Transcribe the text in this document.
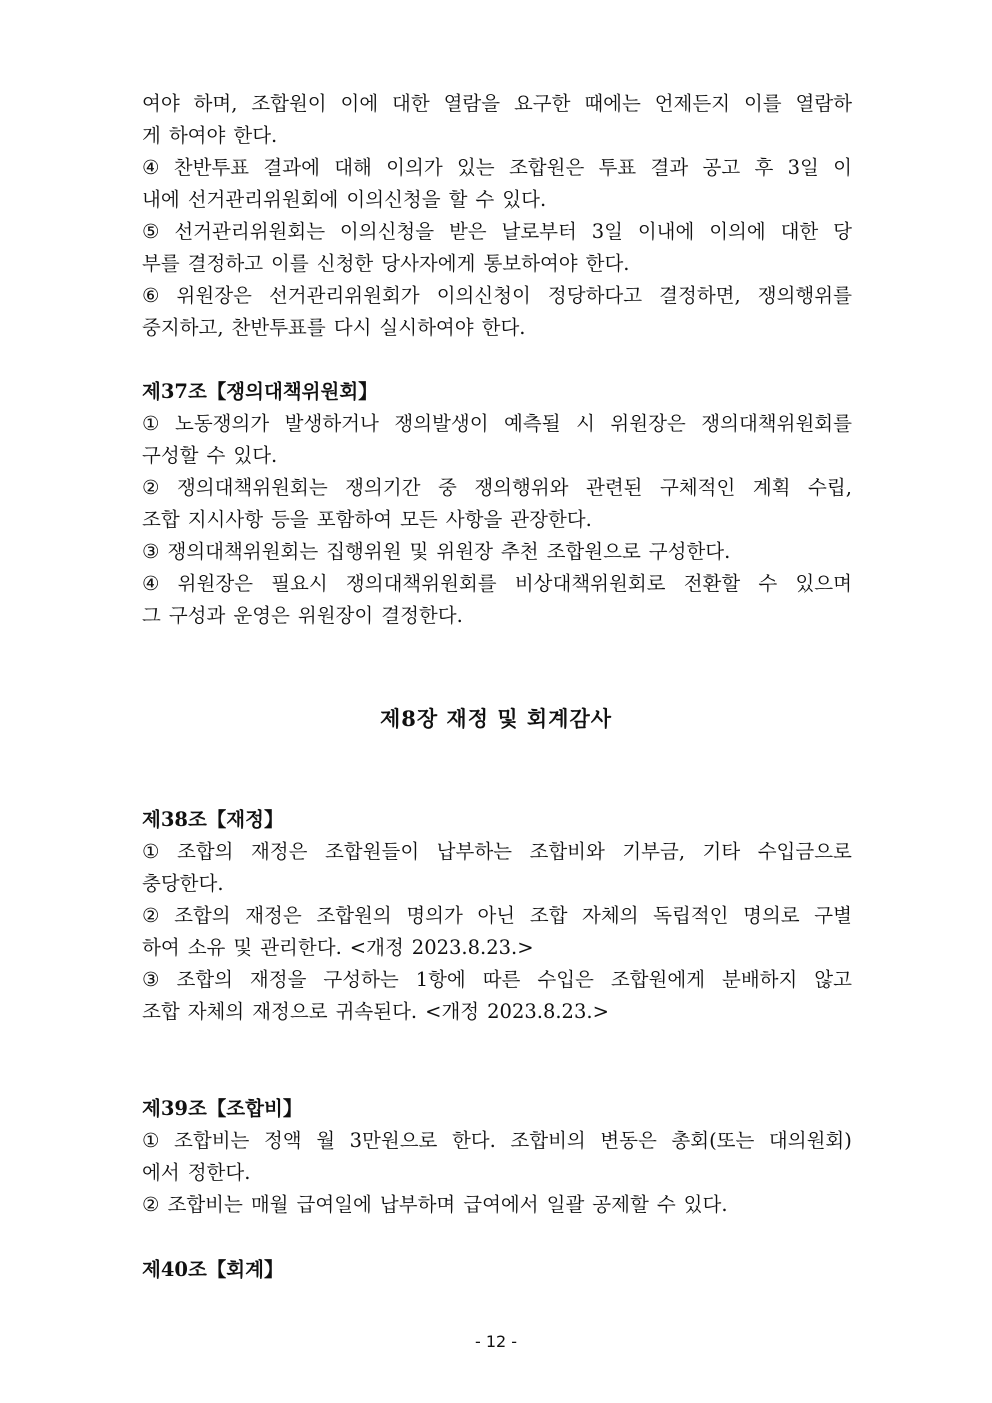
여야 하며, 조합원이 이에 대한 열람을 요구한 때에는 언제든지 이를 열람하
게 하여야 한다.
④ 찬반투표 결과에 대해 이의가 있는 조합원은 투표 결과 공고 후 3일 이
내에 선거관리위원회에 이의신청을 할 수 있다.
⑤ 선거관리위원회는 이의신청을 받은 날로부터 3일 이내에 이의에 대한 당
부를 결정하고 이를 신청한 당사자에게 통보하여야 한다.
⑥ 위원장은 선거관리위원회가 이의신청이 정당하다고 결정하면, 쟁의행위를
중지하고, 찬반투표를 다시 실시하여야 한다.
제37조【쟁의대책위원회】
① 노동쟁의가 발생하거나 쟁의발생이 예측될 시 위원장은 쟁의대책위원회를
구성할 수 있다.
② 쟁의대책위원회는 쟁의기간 중 쟁의행위와 관련된 구체적인 계획 수립,
조합 지시사항 등을 포함하여 모든 사항을 관장한다.
③ 쟁의대책위원회는 집행위원 및 위원장 추천 조합원으로 구성한다.
④ 위원장은 필요시 쟁의대책위원회를 비상대책위원회로 전환할 수 있으며
그 구성과 운영은 위원장이 결정한다.
제8장 재정 및 회계감사
제38조【재정】
① 조합의 재정은 조합원들이 납부하는 조합비와 기부금, 기타 수입금으로
충당한다.
② 조합의 재정은 조합원의 명의가 아닌 조합 자체의 독립적인 명의로 구별
하여 소유 및 관리한다. <개정 2023.8.23.>
③ 조합의 재정을 구성하는 1항에 따른 수입은 조합원에게 분배하지 않고
조합 자체의 재정으로 귀속된다. <개정 2023.8.23.>
제39조【조합비】
① 조합비는 정액 월 3만원으로 한다. 조합비의 변동은 총회(또는 대의원회)
에서 정한다.
② 조합비는 매월 급여일에 납부하며 급여에서 일괄 공제할 수 있다.
제40조【회계】
- 12 -
